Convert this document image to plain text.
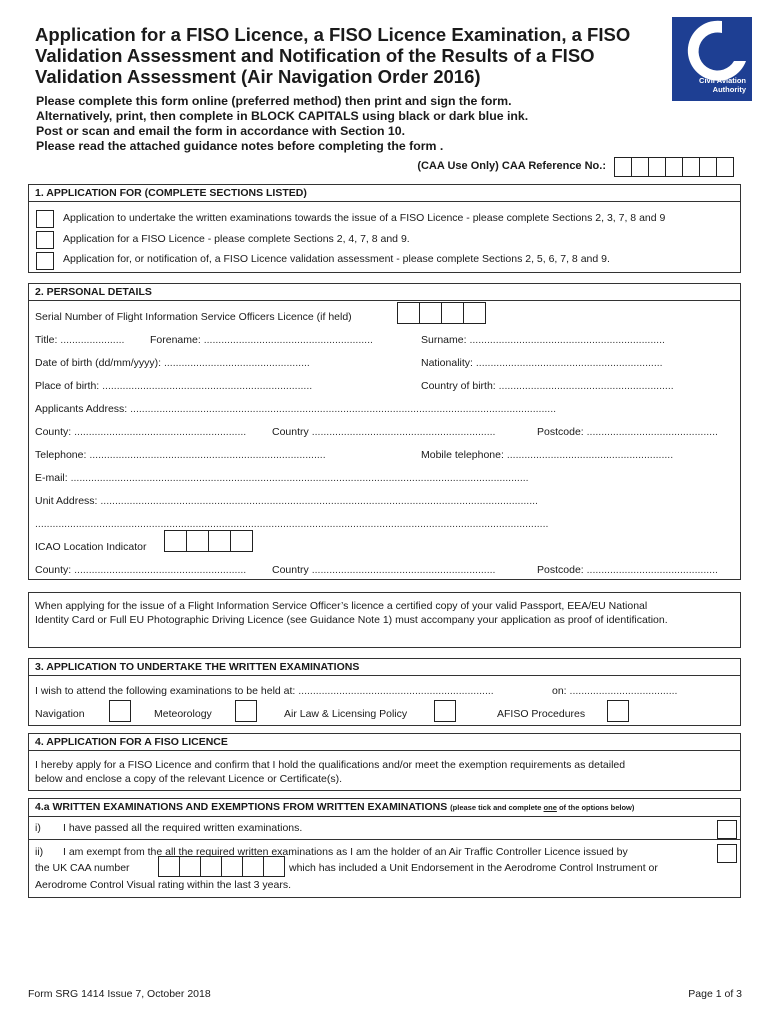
Application for a FISO Licence, a FISO Licence Examination, a FISO Validation Assessment and Notification of the Results of a FISO Validation Assessment (Air Navigation Order 2016)	Civil Aviation
Authority
Please complete this form online (preferred method) then print and sign the form.
Alternatively, print, then complete in BLOCK CAPITALS using black or dark blue ink.
Post or scan and email the form in accordance with Section 10.
Please read the attached guidance notes before completing the form .
(CAA Use Only) CAA Reference No.:
1. APPLICATION FOR (COMPLETE SECTIONS LISTED)
Application to undertake the written examinations towards the issue of a FISO Licence - please complete Sections 2, 3, 7, 8 and 9
Application for a FISO Licence - please complete Sections 2, 4, 7, 8 and 9.
Application for, or notification of, a FISO Licence validation assessment - please complete Sections 2, 5, 6, 7, 8 and 9.
2. PERSONAL DETAILS
Serial Number of Flight Information Service Officers Licence (if held)
Title: ...................... Forename: ..........................................................	Surname: ...................................................................
Date of birth (dd/mm/yyyy): ..................................................	Nationality: ................................................................
Place of birth: ........................................................................	Country of birth: ............................................................
Applicants Address: ..................................................................................................................................................
County: ........................................................... Country ...............................................................	Postcode: .............................................
Telephone: .................................................................................	Mobile telephone: .........................................................
E-mail: .............................................................................................................................................................
Unit Address: ......................................................................................................................................................
................................................................................................................................................................................
ICAO Location Indicator
County: ........................................................... Country ...............................................................	Postcode: .............................................
When applying for the issue of a Flight Information Service Officer’s licence a certified copy of your valid Passport, EEA/EU National
Identity Card or Full EU Photographic Driving Licence (see Guidance Note 1) must accompany your application as proof of identification.
3. APPLICATION TO UNDERTAKE THE WRITTEN EXAMINATIONS
I wish to attend the following examinations to be held at: ...................................................................	on: .....................................
Navigation	Meteorology	Air Law & Licensing Policy	AFISO Procedures
4. APPLICATION FOR A FISO LICENCE
I hereby apply for a FISO Licence and confirm that I hold the qualifications and/or meet the exemption requirements as detailed
below and enclose a copy of the relevant Licence or Certificate(s).
4.a WRITTEN EXAMINATIONS AND EXEMPTIONS FROM WRITTEN EXAMINATIONS (please tick and complete one of the options below)
i) I have passed all the required written examinations.
ii) I am exempt from the all the required written examinations as I am the holder of an Air Traffic Controller Licence issued by
the UK CAA number	which has included a Unit Endorsement in the Aerodrome Control Instrument or
Aerodrome Control Visual rating within the last 3 years.
Form SRG 1414 Issue 7, October 2018	Page 1 of 3
